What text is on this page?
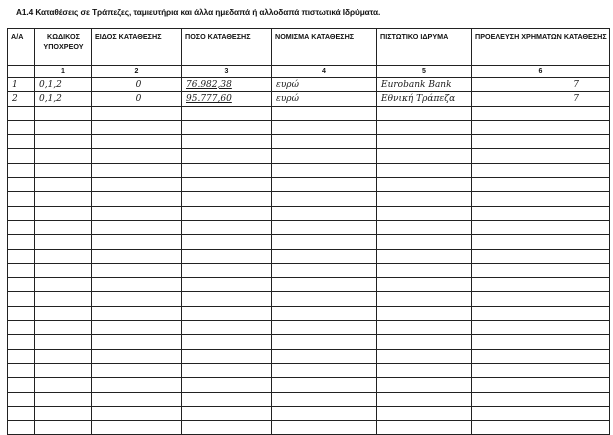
A1.4 Καταθέσεις σε Τράπεζες, ταμιευτήρια και άλλα ημεδαπά ή αλλοδαπά πιστωτικά Ιδρύματα.
Α/Α	ΚΩΔΙΚΟΣ ΥΠΟΧΡΕΟΥ	ΕΙΔΟΣ ΚΑΤΑΘΕΣΗΣ	ΠΟΣΟ ΚΑΤΑΘΕΣΗΣ	ΝΟΜΙΣΜΑ ΚΑΤΑΘΕΣΗΣ	ΠΙΣΤΩΤΙΚΟ ΙΔΡΥΜΑ	ΠΡΟΕΛΕΥΣΗ ΧΡΗΜΑΤΩΝ ΚΑΤΑΘΕΣΗΣ
	1	2	3	4	5	6

1	0,1,2	0	76.982,38	ευρώ	Eurobank Bank	7

2	0,1,2	0	95.777,60	ευρώ	Εθνική Τράπεζα	7
